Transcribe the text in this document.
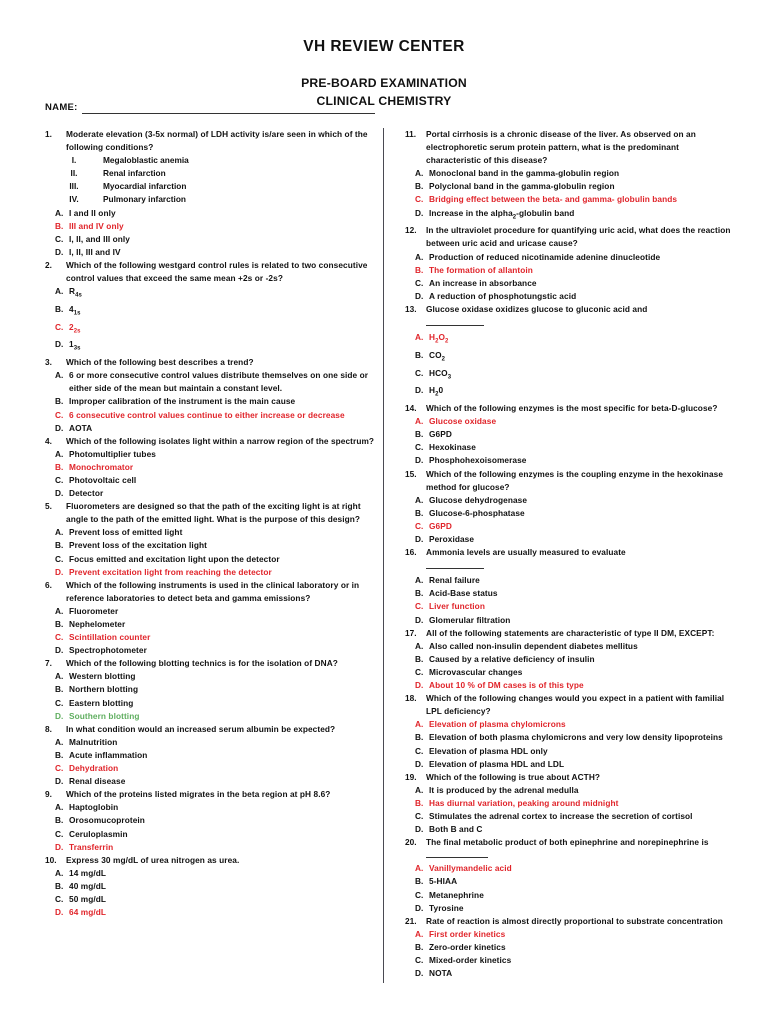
VH REVIEW CENTER
PRE-BOARD EXAMINATION
CLINICAL CHEMISTRY
NAME:
1.	Moderate elevation (3-5x normal) of LDH activity is/are seen in which of the following conditions?
I.	Megaloblastic anemia
II.	Renal infarction
III.	Myocardial infarction
IV.	Pulmonary infarction
A. I and II only
B. III and IV only
C. I, II, and III only
D. I, II, III and IV
2.	Which of the following westgard control rules is related to two consecutive control values that exceed the same mean +2s or -2s?
A. $R_{4s}$
B. $4_{1s}$
C. $2_{2s}$
D. $1_{3s}$
3.	Which of the following best describes a trend?
A. 6 or more consecutive control values distribute themselves on one side or either side of the mean but maintain a constant level.
B. Improper calibration of the instrument is the main cause
C. 6 consecutive control values continue to either increase or decrease
D. AOTA
4.	Which of the following isolates light within a narrow region of the spectrum?
A. Photomultiplier tubes
B. Monochromator
C. Photovoltaic cell
D. Detector
5.	Fluorometers are designed so that the path of the exciting light is at right angle to the path of the emitted light. What is the purpose of this design?
A. Prevent loss of emitted light
B. Prevent loss of the excitation light
C. Focus emitted and excitation light upon the detector
D. Prevent excitation light from reaching the detector
6.	Which of the following instruments is used in the clinical laboratory or in reference laboratories to detect beta and gamma emissions?
A. Fluorometer
B. Nephelometer
C. Scintillation counter
D. Spectrophotometer
7.	Which of the following blotting technics is for the isolation of DNA?
A. Western blotting
B. Northern blotting
C. Eastern blotting
D. Southern blotting
8.	In what condition would an increased serum albumin be expected?
A. Malnutrition
B. Acute inflammation
C. Dehydration
D. Renal disease
9.	Which of the proteins listed migrates in the beta region at pH 8.6?
A. Haptoglobin
B. Orosomucoprotein
C. Ceruloplasmin
D. Transferrin
10.	Express 30 mg/dL of urea nitrogen as urea.
A. 14 mg/dL
B. 40 mg/dL
C. 50 mg/dL
D. 64 mg/dL
11.	Portal cirrhosis is a chronic disease of the liver. As observed on an electrophoretic serum protein pattern, what is the predominant characteristic of this disease?
A. Monoclonal band in the gamma-globulin region
B. Polyclonal band in the gamma-globulin region
C. Bridging effect between the beta- and gamma- globulin bands
D. Increase in the alpha$_2$-globulin band
12.	In the ultraviolet procedure for quantifying uric acid, what does the reaction between uric acid and uricase cause?
A. Production of reduced nicotinamide adenine dinucleotide
B. The formation of allantoin
C. An increase in absorbance
D. A reduction of phosphotungstic acid
13.	Glucose oxidase oxidizes glucose to gluconic acid and
A. $H_2O_2$
B. $CO_2$
C. $HCO_3$
D. $H_20$
14.	Which of the following enzymes is the most specific for beta-D-glucose?
A. Glucose oxidase
B. G6PD
C. Hexokinase
D. Phosphohexoisomerase
15.	Which of the following enzymes is the coupling enzyme in the hexokinase method for glucose?
A. Glucose dehydrogenase
B. Glucose-6-phosphatase
C. G6PD
D. Peroxidase
16.	Ammonia levels are usually measured to evaluate
A. Renal failure
B. Acid-Base status
C. Liver function
D. Glomerular filtration
17.	All of the following statements are characteristic of type II DM, EXCEPT:
A. Also called non-insulin dependent diabetes mellitus
B. Caused by a relative deficiency of insulin
C. Microvascular changes
D. About 10 % of DM cases is of this type
18.	Which of the following changes would you expect in a patient with familial LPL deficiency?
A. Elevation of plasma chylomicrons
B. Elevation of both plasma chylomicrons and very low density lipoproteins
C. Elevation of plasma HDL only
D. Elevation of plasma HDL and LDL
19.	Which of the following is true about ACTH?
A. It is produced by the adrenal medulla
B. Has diurnal variation, peaking around midnight
C. Stimulates the adrenal cortex to increase the secretion of cortisol
D. Both B and C
20.	The final metabolic product of both epinephrine and norepinephrine is
A. Vanillymandelic acid
B. 5-HIAA
C. Metanephrine
D. Tyrosine
21.	Rate of reaction is almost directly proportional to substrate concentration
A. First order kinetics
B. Zero-order kinetics
C. Mixed-order kinetics
D. NOTA
